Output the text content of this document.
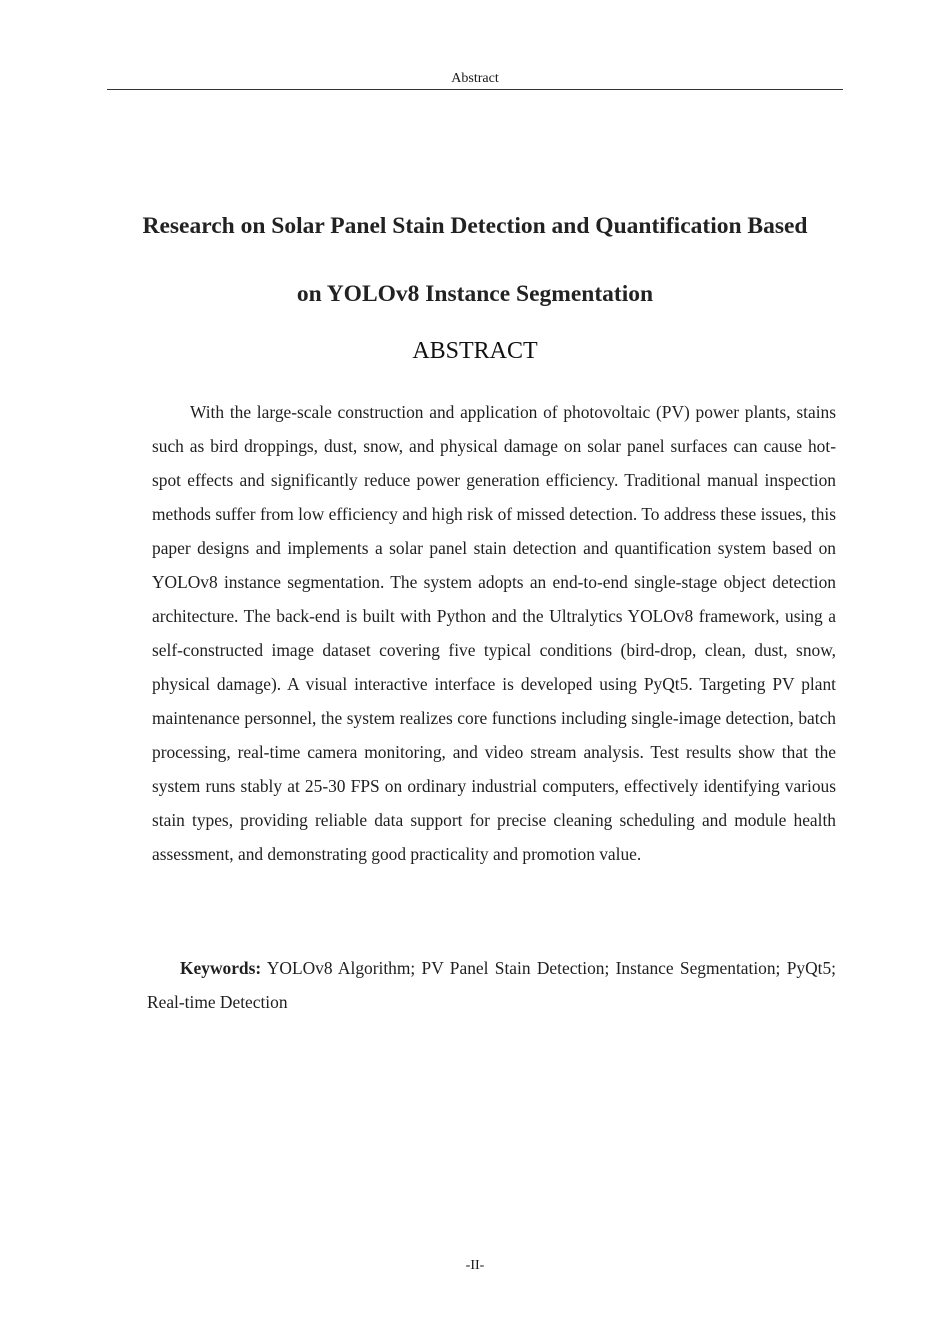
Abstract
Research on Solar Panel Stain Detection and Quantification Based
on YOLOv8 Instance Segmentation
ABSTRACT

With the large-scale construction and application of photovoltaic (PV) power plants, stains such as bird droppings, dust, snow, and physical damage on solar panel surfaces can cause hot-spot effects and significantly reduce power generation efficiency. Traditional manual inspection methods suffer from low efficiency and high risk of missed detection. To address these issues, this paper designs and implements a solar panel stain detection and quantification system based on YOLOv8 instance segmentation. The system adopts an end-to-end single-stage object detection architecture. The back-end is built with Python and the Ultralytics YOLOv8 framework, using a self-constructed image dataset covering five typical conditions (bird-drop, clean, dust, snow, physical damage). A visual interactive interface is developed using PyQt5. Targeting PV plant maintenance personnel, the system realizes core functions including single-image detection, batch processing, real-time camera monitoring, and video stream analysis. Test results show that the system runs stably at 25-30 FPS on ordinary industrial computers, effectively identifying various stain types, providing reliable data support for precise cleaning scheduling and module health assessment, and demonstrating good practicality and promotion value.

Keywords: YOLOv8 Algorithm; PV Panel Stain Detection; Instance Segmentation; PyQt5; Real-time Detection

-II-
